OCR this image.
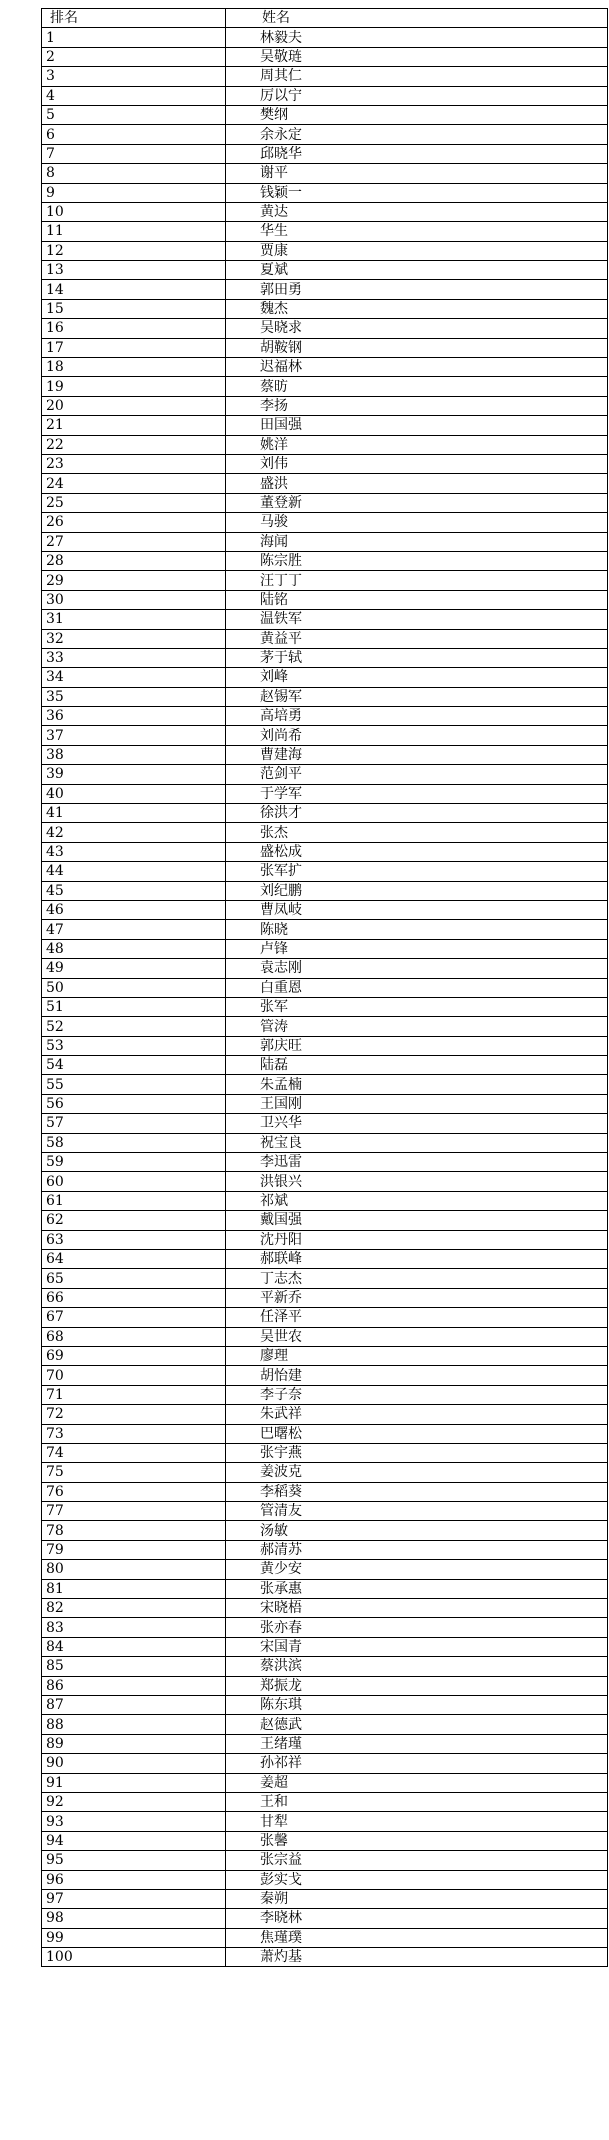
排名	姓名
1	林毅夫
2	吴敬琏
3	周其仁
4	厉以宁
5	樊纲
6	余永定
7	邱晓华
8	谢平
9	钱颖一
10	黄达
11	华生
12	贾康
13	夏斌
14	郭田勇
15	魏杰
16	吴晓求
17	胡鞍钢
18	迟福林
19	蔡昉
20	李扬
21	田国强
22	姚洋
23	刘伟
24	盛洪
25	董登新
26	马骏
27	海闻
28	陈宗胜
29	汪丁丁
30	陆铭
31	温铁军
32	黄益平
33	茅于轼
34	刘峰
35	赵锡军
36	高培勇
37	刘尚希
38	曹建海
39	范剑平
40	于学军
41	徐洪才
42	张杰
43	盛松成
44	张军扩
45	刘纪鹏
46	曹凤岐
47	陈晓
48	卢锋
49	袁志刚
50	白重恩
51	张军
52	管涛
53	郭庆旺
54	陆磊
55	朱孟楠
56	王国刚
57	卫兴华
58	祝宝良
59	李迅雷
60	洪银兴
61	祁斌
62	戴国强
63	沈丹阳
64	郝联峰
65	丁志杰
66	平新乔
67	任泽平
68	吴世农
69	廖理
70	胡怡建
71	李子奈
72	朱武祥
73	巴曙松
74	张宇燕
75	姜波克
76	李稻葵
77	管清友
78	汤敏
79	郝清苏
80	黄少安
81	张承惠
82	宋晓梧
83	张亦春
84	宋国青
85	蔡洪滨
86	郑振龙
87	陈东琪
88	赵德武
89	王绪瑾
90	孙祁祥
91	姜超
92	王和
93	甘犁
94	张馨
95	张宗益
96	彭实戈
97	秦朔
98	李晓林
99	焦瑾璞
100	萧灼基
